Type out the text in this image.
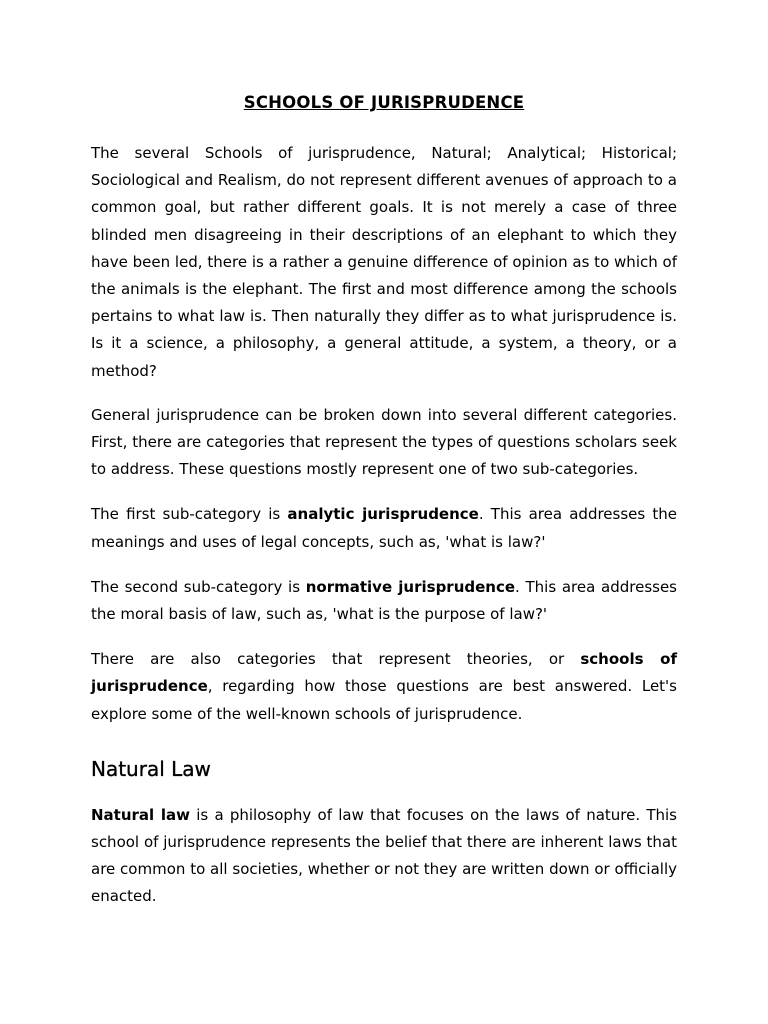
SCHOOLS OF JURISPRUDENCE

The several Schools of jurisprudence, Natural; Analytical; Historical; Sociological and Realism, do not represent different avenues of approach to a common goal, but rather different goals. It is not merely a case of three blinded men disagreeing in their descriptions of an elephant to which they have been led, there is a rather a genuine difference of opinion as to which of the animals is the elephant. The first and most difference among the schools pertains to what law is. Then naturally they differ as to what jurisprudence is. Is it a science, a philosophy, a general attitude, a system, a theory, or a method?

General jurisprudence can be broken down into several different categories. First, there are categories that represent the types of questions scholars seek to address. These questions mostly represent one of two sub-categories.

The first sub-category is analytic jurisprudence. This area addresses the meanings and uses of legal concepts, such as, 'what is law?'

The second sub-category is normative jurisprudence. This area addresses the moral basis of law, such as, 'what is the purpose of law?'

There are also categories that represent theories, or schools of jurisprudence, regarding how those questions are best answered. Let's explore some of the well-known schools of jurisprudence.

Natural Law

Natural law is a philosophy of law that focuses on the laws of nature. This school of jurisprudence represents the belief that there are inherent laws that are common to all societies, whether or not they are written down or officially enacted.
